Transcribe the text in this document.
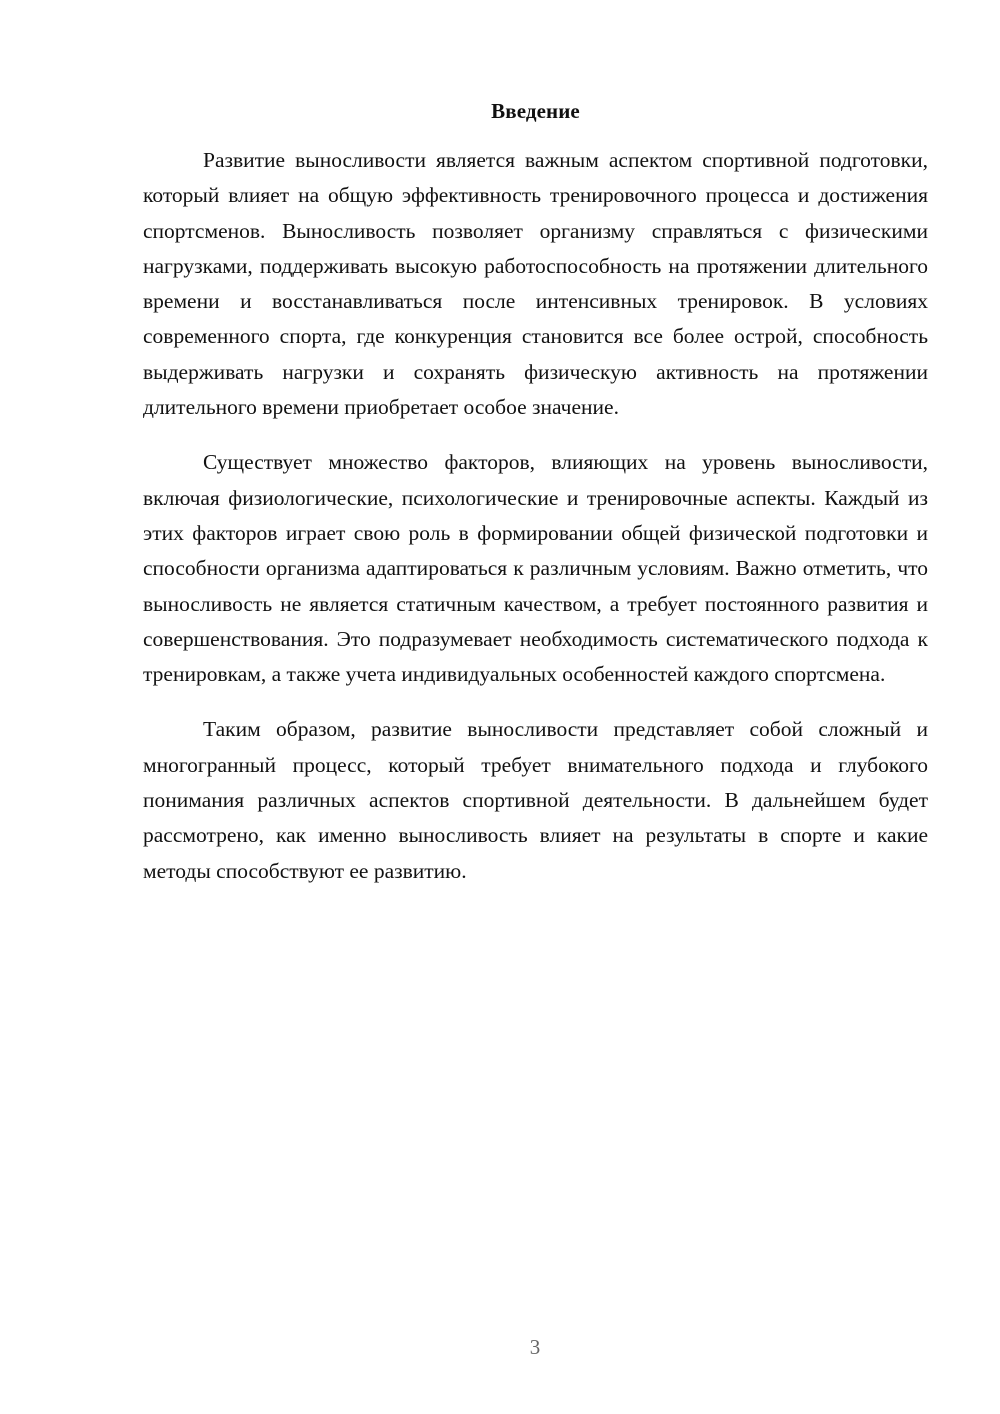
Введение

Развитие выносливости является важным аспектом спортивной подготовки, который влияет на общую эффективность тренировочного процесса и достижения спортсменов. Выносливость позволяет организму справляться с физическими нагрузками, поддерживать высокую работоспособность на протяжении длительного времени и восстанавливаться после интенсивных тренировок. В условиях современного спорта, где конкуренция становится все более острой, способность выдерживать нагрузки и сохранять физическую активность на протяжении длительного времени приобретает особое значение.

Существует множество факторов, влияющих на уровень выносливости, включая физиологические, психологические и тренировочные аспекты. Каждый из этих факторов играет свою роль в формировании общей физической подготовки и способности организма адаптироваться к различным условиям. Важно отметить, что выносливость не является статичным качеством, а требует постоянного развития и совершенствования. Это подразумевает необходимость систематического подхода к тренировкам, а также учета индивидуальных особенностей каждого спортсмена.

Таким образом, развитие выносливости представляет собой сложный и многогранный процесс, который требует внимательного подхода и глубокого понимания различных аспектов спортивной деятельности. В дальнейшем будет рассмотрено, как именно выносливость влияет на результаты в спорте и какие методы способствуют ее развитию.

3
